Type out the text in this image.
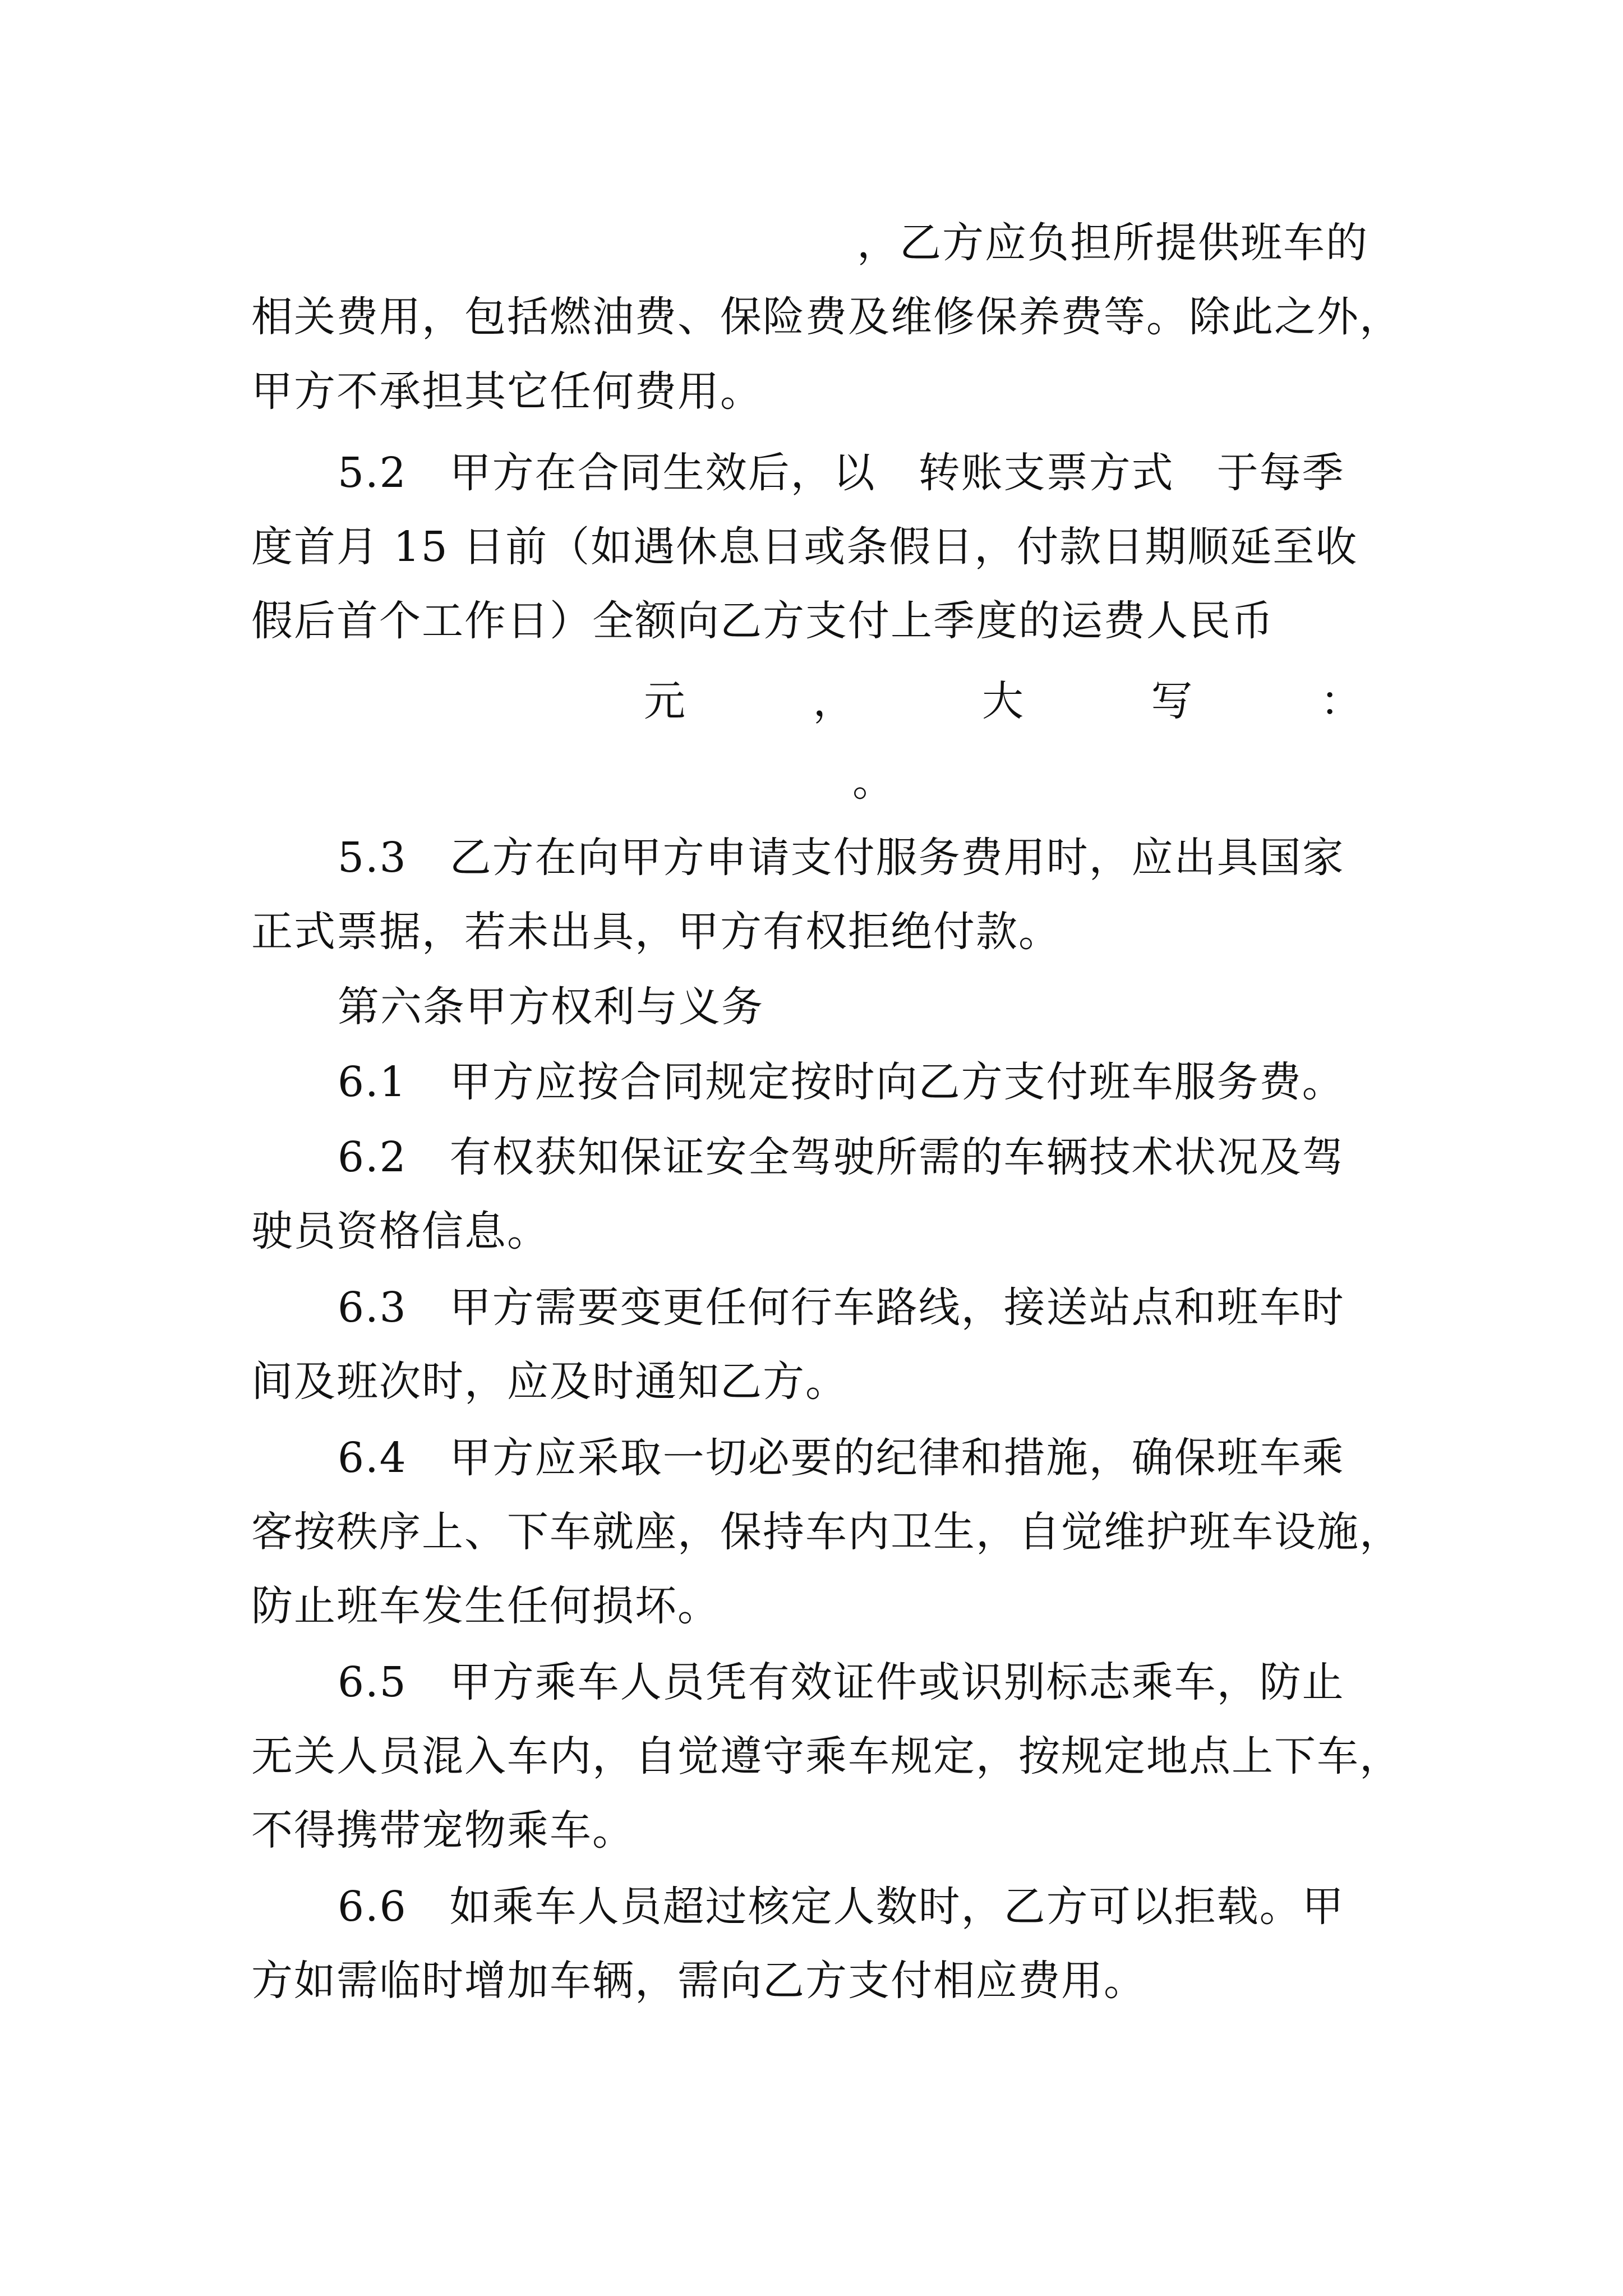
，乙方应负担所提供班车的
相关费用，包括燃油费、保险费及维修保养费等。除此之外，
甲方不承担其它任何费用。
5.2　甲方在合同生效后，以　转账支票方式　于每季
度首月 15 日前（如遇休息日或条假日，付款日期顺延至收
假后首个工作日）全额向乙方支付上季度的运费人民币
元	，	大	写	：
。
5.3　乙方在向甲方申请支付服务费用时，应出具国家
正式票据，若未出具，甲方有权拒绝付款。
第六条甲方权利与义务
6.1　甲方应按合同规定按时向乙方支付班车服务费。
6.2　有权获知保证安全驾驶所需的车辆技术状况及驾
驶员资格信息。
6.3　甲方需要变更任何行车路线，接送站点和班车时
间及班次时，应及时通知乙方。
6.4　甲方应采取一切必要的纪律和措施，确保班车乘
客按秩序上、下车就座，保持车内卫生，自觉维护班车设施，
防止班车发生任何损坏。
6.5　甲方乘车人员凭有效证件或识别标志乘车，防止
无关人员混入车内，自觉遵守乘车规定，按规定地点上下车，
不得携带宠物乘车。
6.6　如乘车人员超过核定人数时，乙方可以拒载。甲
方如需临时增加车辆，需向乙方支付相应费用。
